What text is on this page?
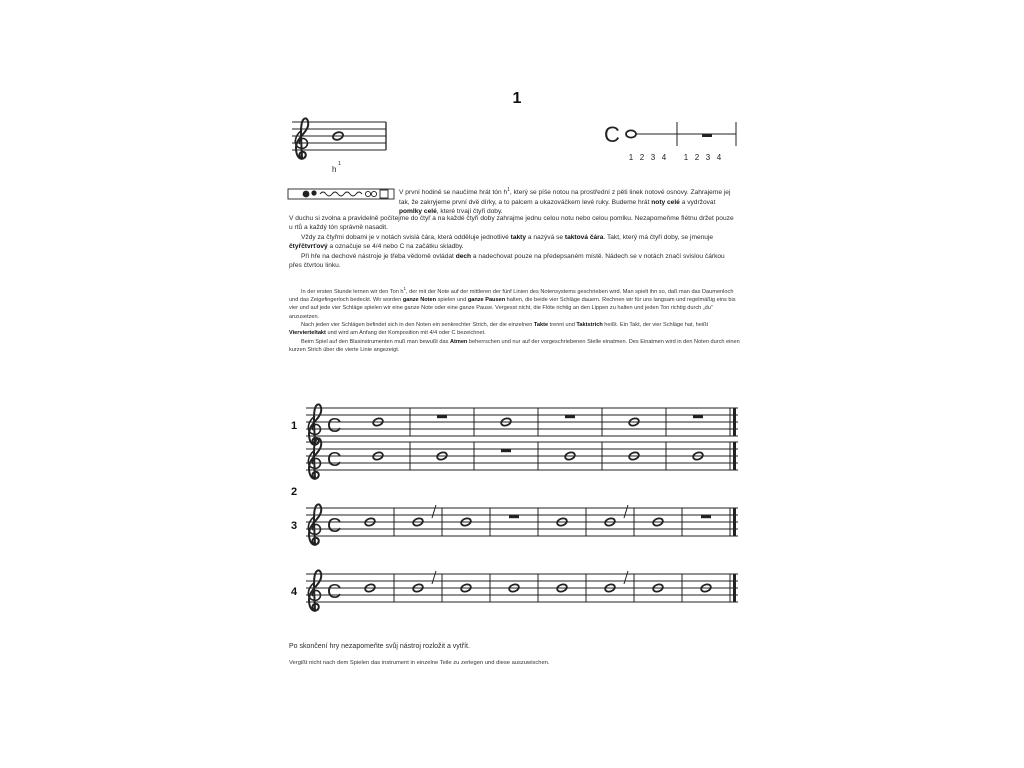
1
h
1
C
1 2 3 4 1 2 3 4
V první hodině se naučíme hrát tón $h^1$, který se píše notou na prostřední z pěti linek notové osnovy. Zahrajeme jej tak, že zakryjeme první dvě dírky, a to palcem a ukazováčkem levé ruky. Budeme hrát noty celé a vydržovat pomlky celé, které trvají čtyři doby.
V duchu si zvolna a pravidelně počítejme do čtyř a na každé čtyři doby zahrajme jednu celou notu nebo celou pomlku. Nezapomeňme flétnu držet pouze u rtů a každý tón správně nasadit.
Vždy za čtyřmi dobami je v notách svislá čára, která odděluje jednotlivé takty a nazývá se taktová čára. Takt, který má čtyři doby, se jmenuje čtyřčtvrťový a označuje se 4/4 nebo C na začátku skladby.
Při hře na dechové nástroje je třeba vědomě ovládat dech a nadechovat pouze na předepsaném místě. Nádech se v notách značí svislou čárkou přes čtvrtou linku.
In der ersten Stunde lernen wir den Ton $h^1$, der mit der Note auf der mittleren der fünf Linien des Notensystems geschrieben wird. Man spielt ihn so, daß man das Daumenloch und das Zeigefingerloch bedeckt. Wir worden ganze Noten spielen und ganze Pausen halten, die beide vier Schläge dauern. Rechnen wir für uns langsam und regelmäßig eins bis vier und auf jede vier Schläge spielen wir eine ganze Note oder eine ganze Pause. Vergesst nicht, die Flöte richtig an den Lippen zu halten und jeden Ton richtig durch „du“ anzusetzen.
Nach jeden vier Schlägen befindet sich in den Noten ein senkrechter Strich, der die einzelnen Takte trennt und Taktstrich heißt. Ein Takt, der vier Schläge hat, heißt Viervierteltakt und wird am Anfang der Komposition mit 4/4 oder C bezeichnet.
Beim Spiel auf den Blasinstrumenten muß man bewußt das Atmen beherrschen und nur auf der vorgeschriebenen Stelle einatmen. Des Einatmen wird in den Noten durch einen kurzen Strich über die vierte Linie angezeigt.
1
2
3
4
C
C
C
C
Po skončení hry nezapomeňte svůj nástroj rozložit a vytřít.
Vergißt nicht nach dem Spielen das instrument in einzelne Teile zu zerlegen und diese auszuwischen.
